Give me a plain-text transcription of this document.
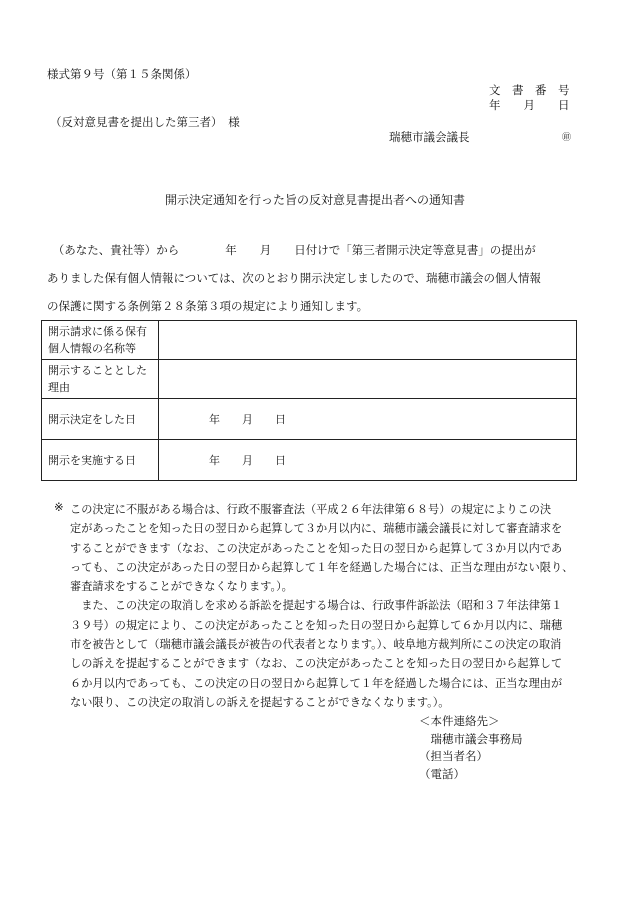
様式第９号（第１５条関係）
文　書　番　号
年　　月　　日
（反対意見書を提出した第三者）　様
瑞穂市議会議長	㊞
開示決定通知を行った旨の反対意見書提出者への通知書
　（あなた、貴社等）から　　　　年　　月　　日付けで「第三者開示決定等意見書」の提出が
ありました保有個人情報については、次のとおり開示決定しましたので、瑞穂市議会の個人情報
の保護に関する条例第２８条第３項の規定により通知します。
開示請求に係る保有
個人情報の名称等	

開示することとした
理由	

開示決定をした日	年　　月　　日

開示を実施する日	年　　月　　日
※ この決定に不服がある場合は、行政不服審査法（平成２６年法律第６８号）の規定によりこの決
定があったことを知った日の翌日から起算して３か月以内に、瑞穂市議会議長に対して審査請求を
することができます（なお、この決定があったことを知った日の翌日から起算して３か月以内であ
っても、この決定があった日の翌日から起算して１年を経過した場合には、正当な理由がない限り、
審査請求をすることができなくなります。）。
　また、この決定の取消しを求める訴訟を提起する場合は、行政事件訴訟法（昭和３７年法律第１
３９号）の規定により、この決定があったことを知った日の翌日から起算して６か月以内に、瑞穂
市を被告として（瑞穂市議会議長が被告の代表者となります。）、岐阜地方裁判所にこの決定の取消
しの訴えを提起することができます（なお、この決定があったことを知った日の翌日から起算して
６か月以内であっても、この決定の日の翌日から起算して１年を経過した場合には、正当な理由が
ない限り、この決定の取消しの訴えを提起することができなくなります。）。
＜本件連絡先＞
　瑞穂市議会事務局
（担当者名）
（電話）
